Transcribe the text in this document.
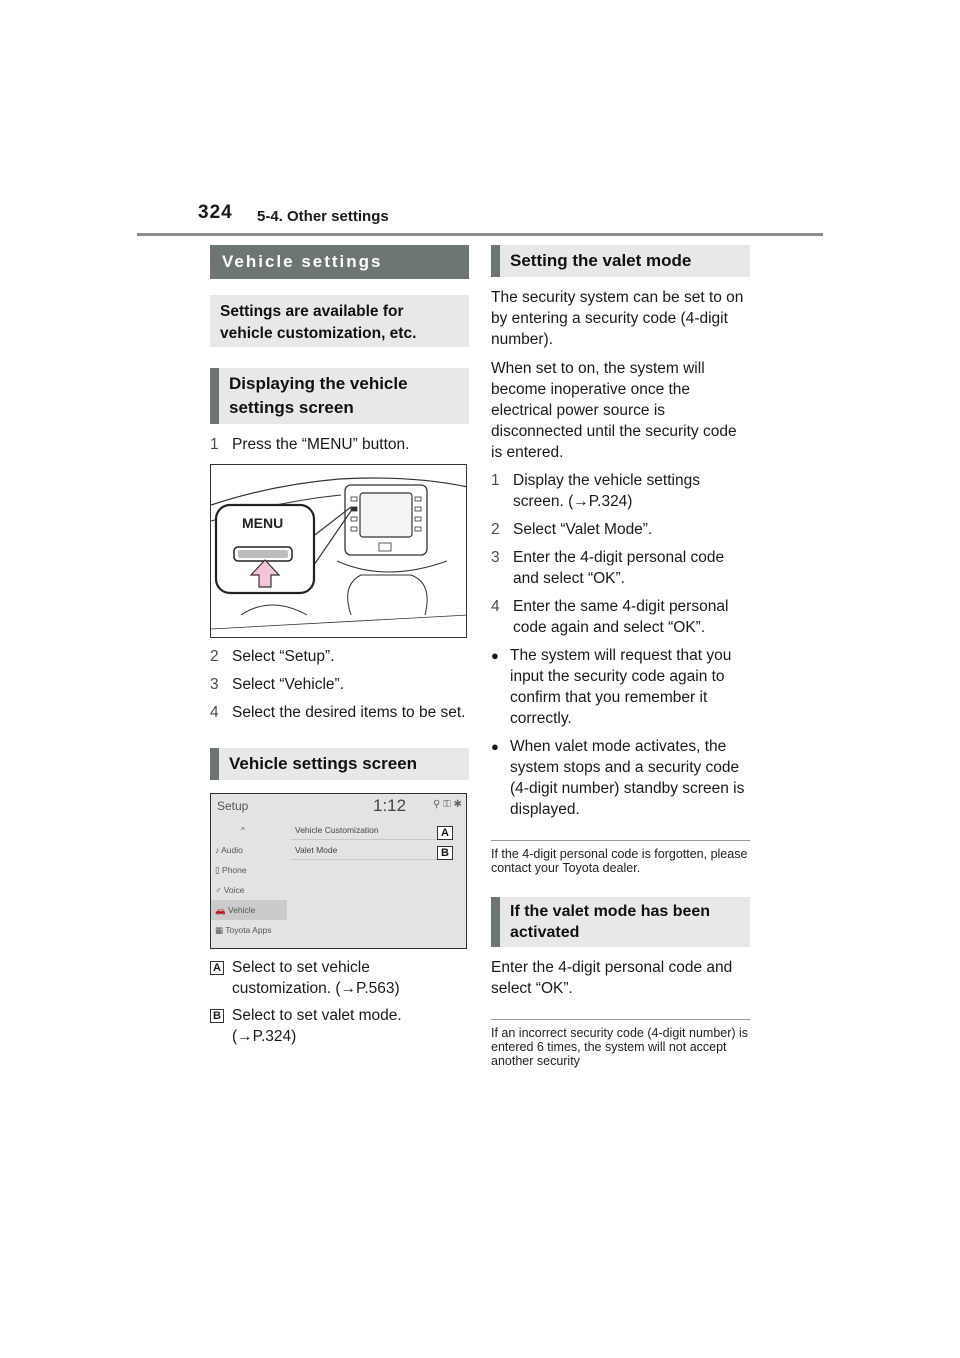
324 5-4. Other settings
Vehicle settings
Settings are available for vehicle customization, etc.
Displaying the vehicle settings screen
1 Press the “MENU” button.
MENU
2 Select “Setup”.
3 Select “Vehicle”.
4 Select the desired items to be set.
Vehicle settings screen
Setup	1:12	⚲ ⚿ ✱
^
♪ Audio
▯ Phone
♂ Voice
🚗 Vehicle
▦ Toyota Apps
Vehicle Customization
Valet Mode
A
B
A Select to set vehicle customization. (→P.563)
B Select to set valet mode. (→P.324)
Setting the valet mode
The security system can be set to on by entering a security code (4-digit number).
When set to on, the system will become inoperative once the electrical power source is disconnected until the security code is entered.
1 Display the vehicle settings screen. (→P.324)
2 Select “Valet Mode”.
3 Enter the 4-digit personal code and select “OK”.
4 Enter the same 4-digit personal code again and select “OK”.
● The system will request that you input the security code again to confirm that you remember it correctly.
● When valet mode activates, the system stops and a security code (4-digit number) standby screen is displayed.
If the 4-digit personal code is forgotten, please contact your Toyota dealer.
If the valet mode has been activated
Enter the 4-digit personal code and select “OK”.
If an incorrect security code (4-digit number) is entered 6 times, the system will not accept another security
